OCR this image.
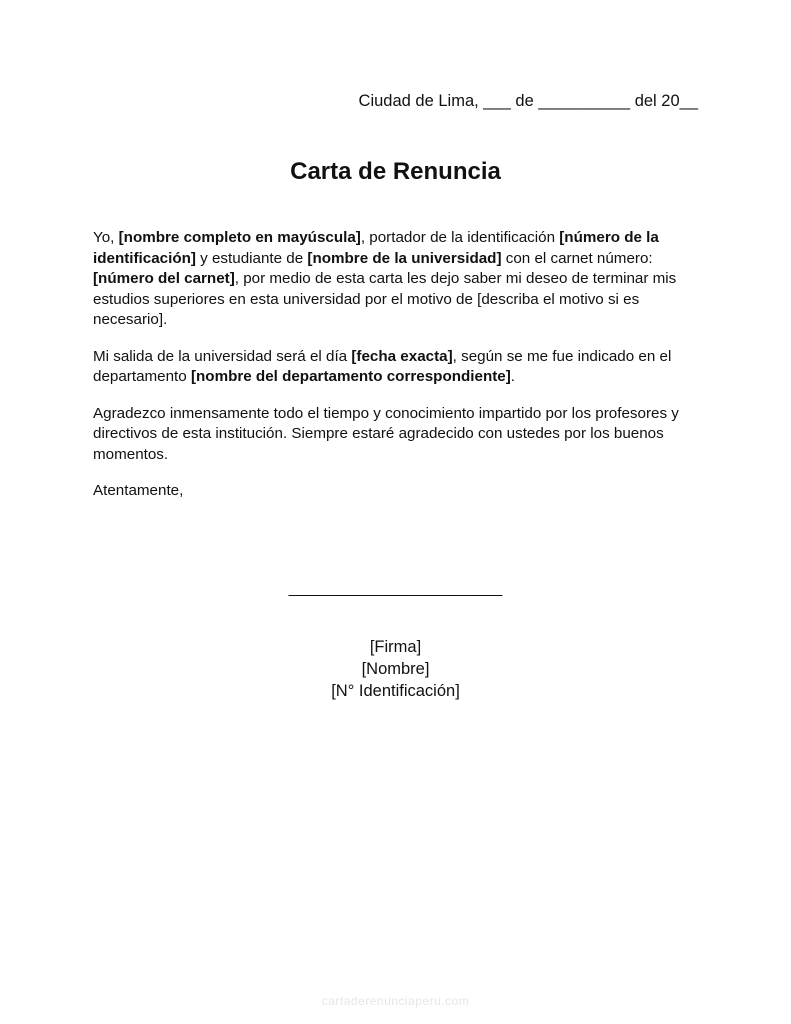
Ciudad de Lima, ___ de __________ del 20__
Carta de Renuncia

Yo, [nombre completo en mayúscula], portador de la identificación [número de la identificación] y estudiante de [nombre de la universidad] con el carnet número: [número del carnet], por medio de esta carta les dejo saber mi deseo de terminar mis estudios superiores en esta universidad por el motivo de [describa el motivo si es necesario].

Mi salida de la universidad será el día [fecha exacta], según se me fue indicado en el departamento [nombre del departamento correspondiente].

Agradezco inmensamente todo el tiempo y conocimiento impartido por los profesores y directivos de esta institución. Siempre estaré agradecido con ustedes por los buenos momentos.

Atentamente,

________________________
[Firma]
[Nombre]
[N° Identificación]
cartaderenunciaperu.com
